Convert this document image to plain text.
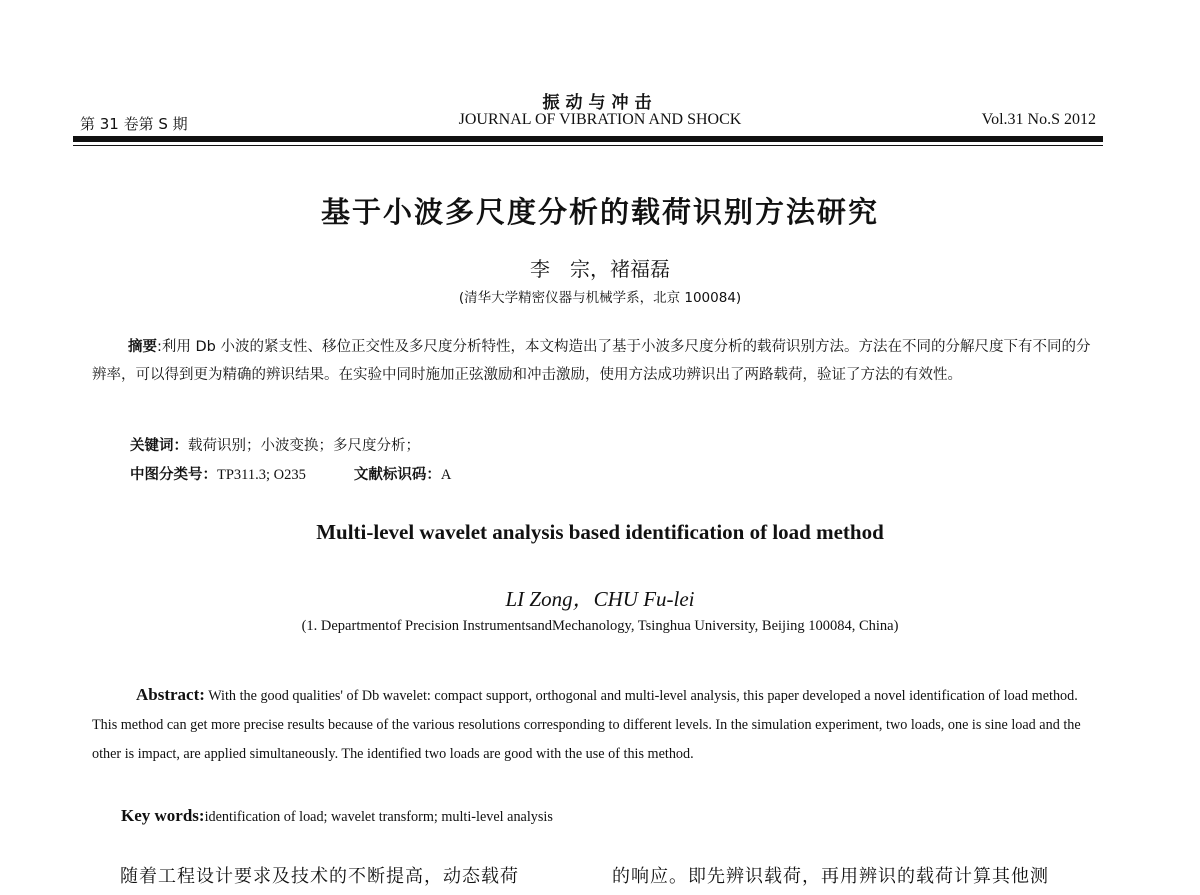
振动与冲击
第 31 卷第 S 期	JOURNAL OF VIBRATION AND SHOCK	Vol.31 No.S 2012
基于小波多尺度分析的载荷识别方法研究
李　宗，褚福磊
(清华大学精密仪器与机械学系，北京 100084)
摘要:利用 Db 小波的紧支性、移位正交性及多尺度分析特性，本文构造出了基于小波多尺度分析的载荷识别方法。方法在不同的分解尺度下有不同的分辨率，可以得到更为精确的辨识结果。在实验中同时施加正弦激励和冲击激励，使用方法成功辨识出了两路载荷，验证了方法的有效性。
关键词：载荷识别；小波变换；多尺度分析；
中图分类号：TP311.3; O235	文献标识码：A
Multi-level wavelet analysis based identification of load method
LI Zong，CHU Fu-lei
(1. Departmentof Precision InstrumentsandMechanology, Tsinghua University, Beijing 100084, China)
Abstract: With the good qualities' of Db wavelet: compact support, orthogonal and multi-level analysis, this paper developed a novel identification of load method. This method can get more precise results because of the various resolutions corresponding to different levels. In the simulation experiment, two loads, one is sine load and the other is impact, are applied simultaneously. The identified two loads are good with the use of this method.
Key words:identification of load; wavelet transform; multi-level analysis
随着工程设计要求及技术的不断提高，动态载荷	的响应。即先辨识载荷，再用辨识的载荷计算其他测
